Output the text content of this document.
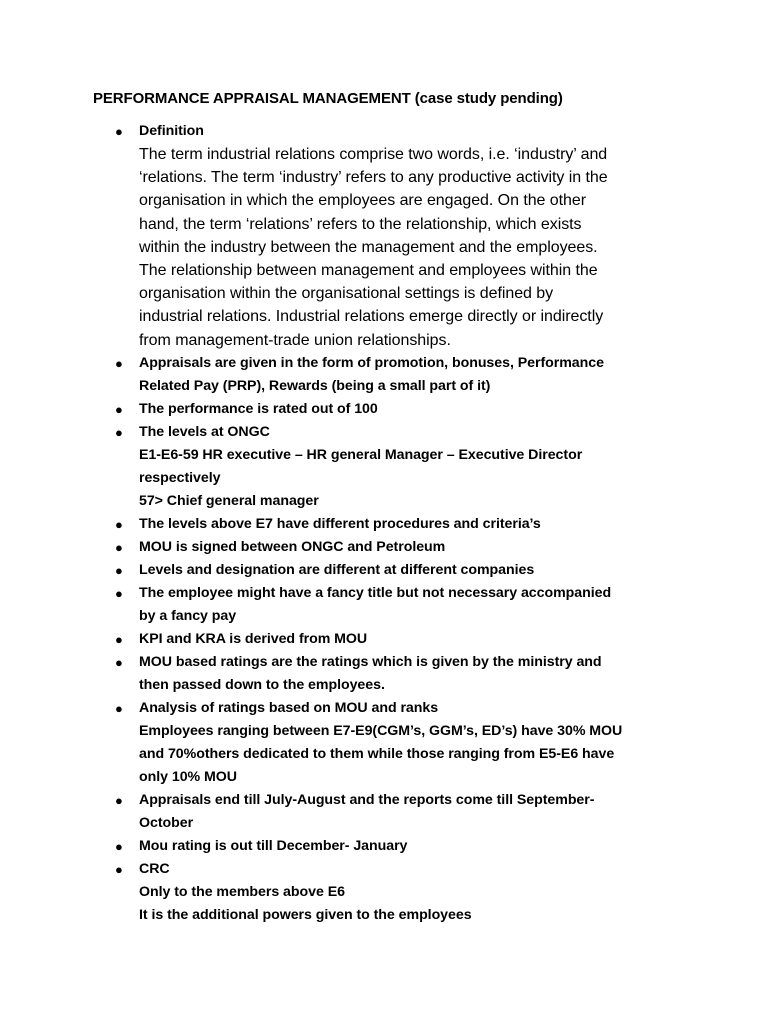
PERFORMANCE APPRAISAL MANAGEMENT (case study pending)
● Definition
The term industrial relations comprise two words, i.e. ‘industry’ and
‘relations. The term ‘industry’ refers to any productive activity in the
organisation in which the employees are engaged. On the other
hand, the term ‘relations’ refers to the relationship, which exists
within the industry between the management and the employees.
The relationship between management and employees within the
organisation within the organisational settings is defined by
industrial relations. Industrial relations emerge directly or indirectly
from management-trade union relationships.
● Appraisals are given in the form of promotion, bonuses, Performance
Related Pay (PRP), Rewards (being a small part of it)
● The performance is rated out of 100
● The levels at ONGC
E1-E6-59 HR executive – HR general Manager – Executive Director
respectively
57> Chief general manager
● The levels above E7 have different procedures and criteria’s
● MOU is signed between ONGC and Petroleum
● Levels and designation are different at different companies
● The employee might have a fancy title but not necessary accompanied
by a fancy pay
● KPI and KRA is derived from MOU
● MOU based ratings are the ratings which is given by the ministry and
then passed down to the employees.
● Analysis of ratings based on MOU and ranks
Employees ranging between E7-E9(CGM’s, GGM’s, ED’s) have 30% MOU
and 70%others dedicated to them while those ranging from E5-E6 have
only 10% MOU
● Appraisals end till July-August and the reports come till September-
October
● Mou rating is out till December- January
● CRC
Only to the members above E6
It is the additional powers given to the employees
